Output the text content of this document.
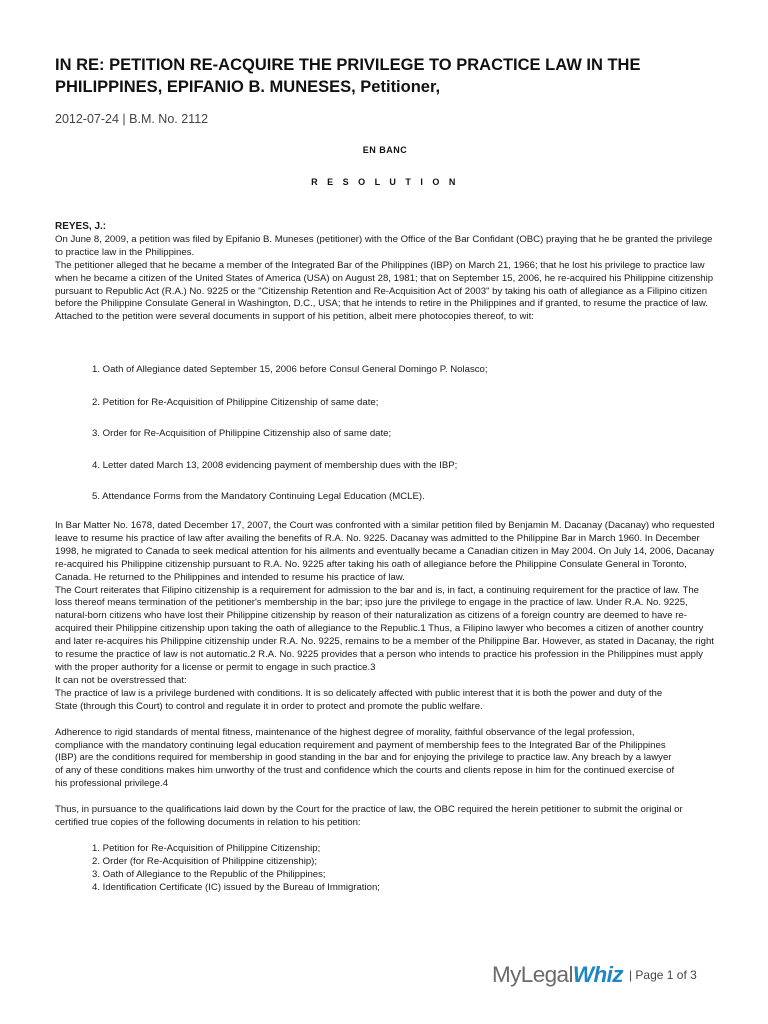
IN RE: PETITION RE-ACQUIRE THE PRIVILEGE TO PRACTICE LAW IN THE PHILIPPINES, EPIFANIO B. MUNESES, Petitioner,
2012-07-24 | B.M. No. 2112
EN BANC
R E S O L U T I O N

REYES, J.:

On June 8, 2009, a petition was filed by Epifanio B. Muneses (petitioner) with the Office of the Bar Confidant (OBC) praying that he be granted the privilege to practice law in the Philippines.

The petitioner alleged that he became a member of the Integrated Bar of the Philippines (IBP) on March 21, 1966; that he lost his privilege to practice law when he became a citizen of the United States of America (USA) on August 28, 1981; that on September 15, 2006, he re-acquired his Philippine citizenship pursuant to Republic Act (R.A.) No. 9225 or the "Citizenship Retention and Re-Acquisition Act of 2003" by taking his oath of allegiance as a Filipino citizen before the Philippine Consulate General in Washington, D.C., USA; that he intends to retire in the Philippines and if granted, to resume the practice of law. Attached to the petition were several documents in support of his petition, albeit mere photocopies thereof, to wit:

1. Oath of Allegiance dated September 15, 2006 before Consul General Domingo P. Nolasco;
2. Petition for Re-Acquisition of Philippine Citizenship of same date;
3. Order for Re-Acquisition of Philippine Citizenship also of same date;
4. Letter dated March 13, 2008 evidencing payment of membership dues with the IBP;
5. Attendance Forms from the Mandatory Continuing Legal Education (MCLE).

In Bar Matter No. 1678, dated December 17, 2007, the Court was confronted with a similar petition filed by Benjamin M. Dacanay (Dacanay) who requested leave to resume his practice of law after availing the benefits of R.A. No. 9225. Dacanay was admitted to the Philippine Bar in March 1960. In December 1998, he migrated to Canada to seek medical attention for his ailments and eventually became a Canadian citizen in May 2004. On July 14, 2006, Dacanay re-acquired his Philippine citizenship pursuant to R.A. No. 9225 after taking his oath of allegiance before the Philippine Consulate General in Toronto, Canada. He returned to the Philippines and intended to resume his practice of law.

The Court reiterates that Filipino citizenship is a requirement for admission to the bar and is, in fact, a continuing requirement for the practice of law. The loss thereof means termination of the petitioner's membership in the bar; ipso jure the privilege to engage in the practice of law. Under R.A. No. 9225, natural-born citizens who have lost their Philippine citizenship by reason of their naturalization as citizens of a foreign country are deemed to have re-acquired their Philippine citizenship upon taking the oath of allegiance to the Republic.1 Thus, a Filipino lawyer who becomes a citizen of another country and later re-acquires his Philippine citizenship under R.A. No. 9225, remains to be a member of the Philippine Bar. However, as stated in Dacanay, the right to resume the practice of law is not automatic.2 R.A. No. 9225 provides that a person who intends to practice his profession in the Philippines must apply with the proper authority for a license or permit to engage in such practice.3

It can not be overstressed that:

The practice of law is a privilege burdened with conditions. It is so delicately affected with public interest that it is both the power and duty of the State (through this Court) to control and regulate it in order to protect and promote the public welfare.

Adherence to rigid standards of mental fitness, maintenance of the highest degree of morality, faithful observance of the legal profession, compliance with the mandatory continuing legal education requirement and payment of membership fees to the Integrated Bar of the Philippines (IBP) are the conditions required for membership in good standing in the bar and for enjoying the privilege to practice law. Any breach by a lawyer of any of these conditions makes him unworthy of the trust and confidence which the courts and clients repose in him for the continued exercise of his professional privilege.4

Thus, in pursuance to the qualifications laid down by the Court for the practice of law, the OBC required the herein petitioner to submit the original or certified true copies of the following documents in relation to his petition:

1. Petition for Re-Acquisition of Philippine Citizenship;
2. Order (for Re-Acquisition of Philippine citizenship);
3. Oath of Allegiance to the Republic of the Philippines;
4. Identification Certificate (IC) issued by the Bureau of Immigration;
MyLegalWhiz | Page 1 of 3
